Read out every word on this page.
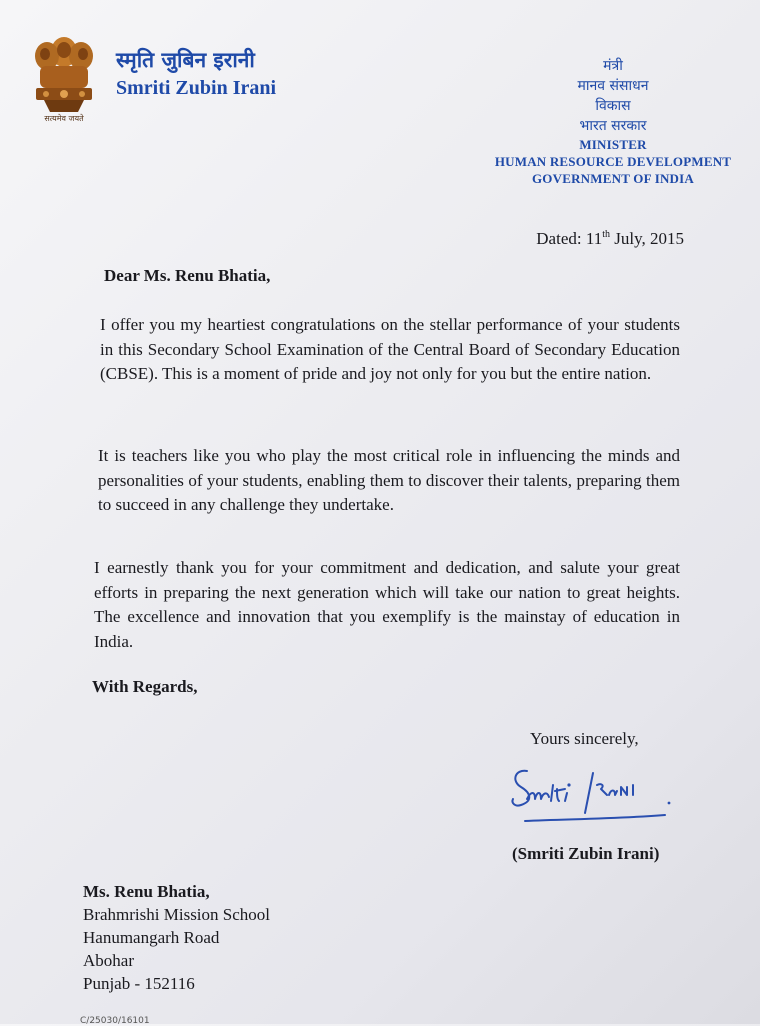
सत्यमेव जयते
स्मृति जुबिन इरानी
Smriti Zubin Irani
मंत्री
मानव संसाधन
विकास
भारत सरकार
MINISTER
HUMAN RESOURCE DEVELOPMENT
GOVERNMENT OF INDIA
Dated: 11th July, 2015
Dear Ms. Renu Bhatia,
I offer you my heartiest congratulations on the stellar performance of your students in this Secondary School Examination of the Central Board of Secondary Education (CBSE). This is a moment of pride and joy not only for you but the entire nation.
It is teachers like you who play the most critical role in influencing the minds and personalities of your students, enabling them to discover their talents, preparing them to succeed in any challenge they undertake.
I earnestly thank you for your commitment and dedication, and salute your great efforts in preparing the next generation which will take our nation to great heights. The excellence and innovation that you exemplify is the mainstay of education in India.
With Regards,
Yours sincerely,
(Smriti Zubin Irani)
Ms. Renu Bhatia,
Brahmrishi Mission School
Hanumangarh Road
Abohar
Punjab - 152116
C/25030/16101
